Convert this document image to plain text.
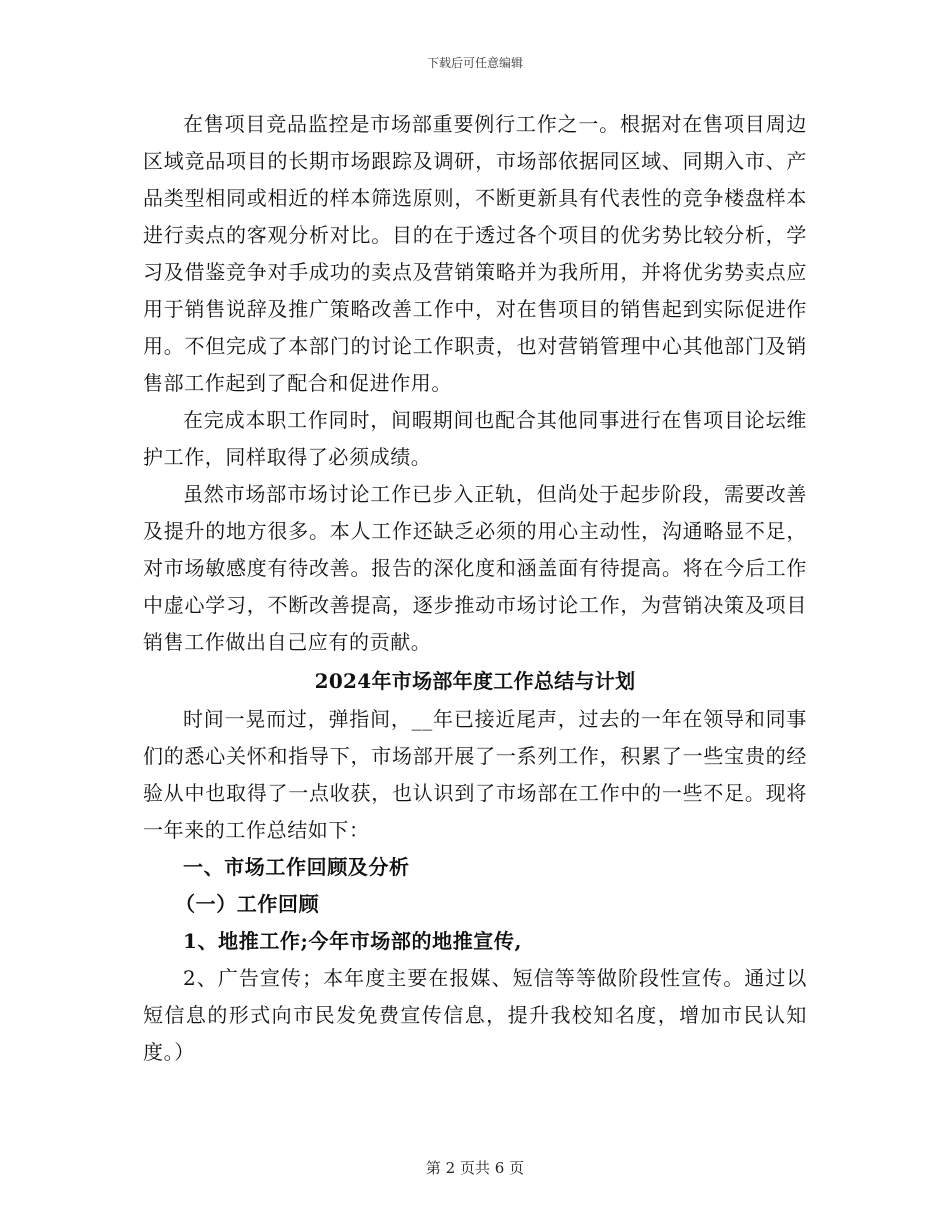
下载后可任意编辑

在售项目竞品监控是市场部重要例行工作之一。根据对在售项目周边区域竞品项目的长期市场跟踪及调研，市场部依据同区域、同期入市、产品类型相同或相近的样本筛选原则，不断更新具有代表性的竞争楼盘样本进行卖点的客观分析对比。目的在于透过各个项目的优劣势比较分析，学习及借鉴竞争对手成功的卖点及营销策略并为我所用，并将优劣势卖点应用于销售说辞及推广策略改善工作中，对在售项目的销售起到实际促进作用。不但完成了本部门的讨论工作职责，也对营销管理中心其他部门及销售部工作起到了配合和促进作用。

在完成本职工作同时，间暇期间也配合其他同事进行在售项目论坛维护工作，同样取得了必须成绩。

虽然市场部市场讨论工作已步入正轨，但尚处于起步阶段，需要改善及提升的地方很多。本人工作还缺乏必须的用心主动性，沟通略显不足，对市场敏感度有待改善。报告的深化度和涵盖面有待提高。将在今后工作中虚心学习，不断改善提高，逐步推动市场讨论工作，为营销决策及项目销售工作做出自己应有的贡献。

2024年市场部年度工作总结与计划

时间一晃而过，弹指间，__年已接近尾声，过去的一年在领导和同事们的悉心关怀和指导下，市场部开展了一系列工作，积累了一些宝贵的经验从中也取得了一点收获，也认识到了市场部在工作中的一些不足。现将一年来的工作总结如下：

一、市场工作回顾及分析
（一）工作回顾
1、地推工作;今年市场部的地推宣传,

2、广告宣传；本年度主要在报媒、短信等等做阶段性宣传。通过以短信息的形式向市民发免费宣传信息，提升我校知名度，增加市民认知度。）

第 2 页共 6 页
